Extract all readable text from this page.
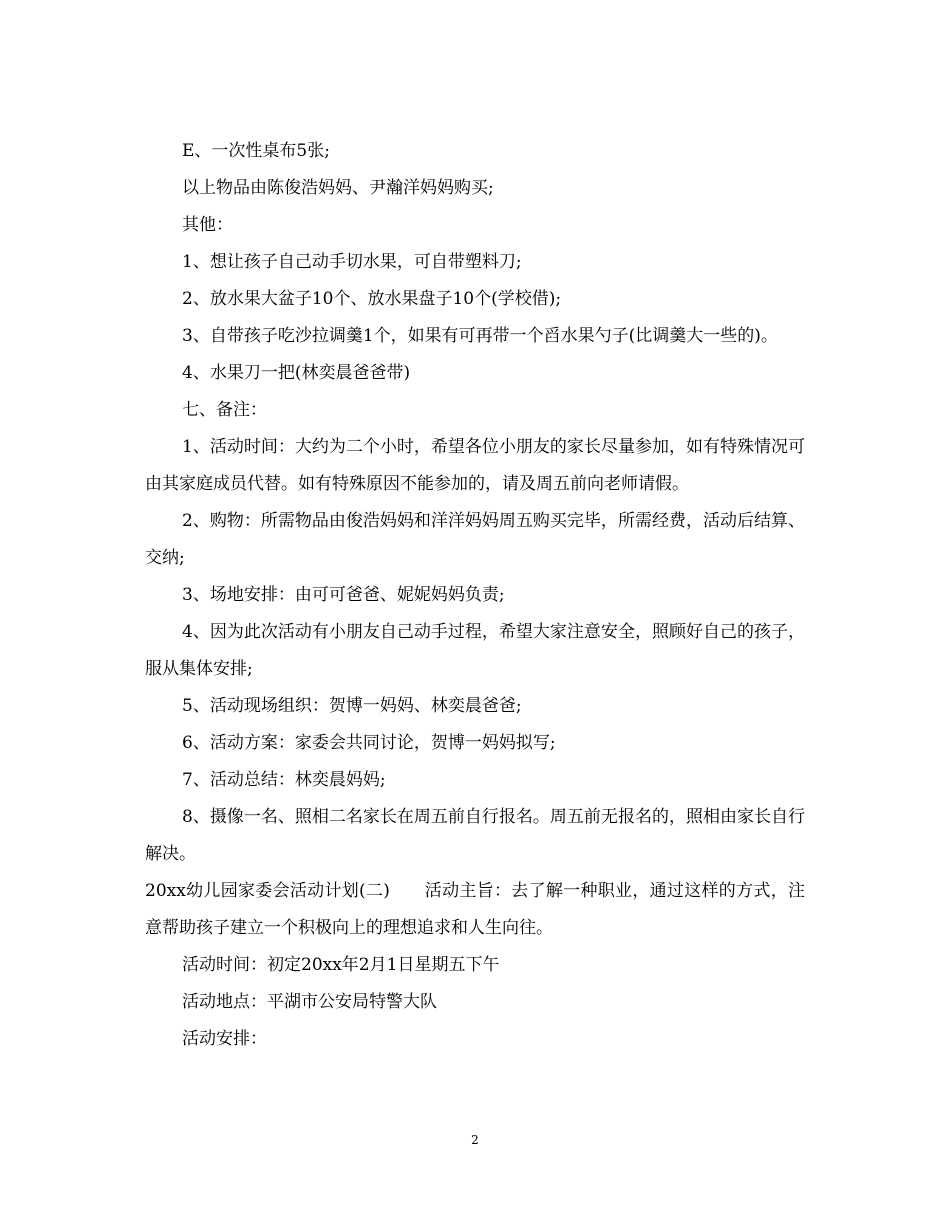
E、一次性桌布5张;

以上物品由陈俊浩妈妈、尹瀚洋妈妈购买;

其他：

1、想让孩子自己动手切水果，可自带塑料刀;

2、放水果大盆子10个、放水果盘子10个(学校借);

3、自带孩子吃沙拉调羹1个，如果有可再带一个舀水果勺子(比调羹大一些的)。

4、水果刀一把(林奕晨爸爸带)

七、备注：

1、活动时间：大约为二个小时，希望各位小朋友的家长尽量参加，如有特殊情况可由其家庭成员代替。如有特殊原因不能参加的，请及周五前向老师请假。

2、购物：所需物品由俊浩妈妈和洋洋妈妈周五购买完毕，所需经费，活动后结算、交纳;

3、场地安排：由可可爸爸、妮妮妈妈负责;

4、因为此次活动有小朋友自己动手过程，希望大家注意安全，照顾好自己的孩子，服从集体安排;

5、活动现场组织：贺博一妈妈、林奕晨爸爸;

6、活动方案：家委会共同讨论，贺博一妈妈拟写;

7、活动总结：林奕晨妈妈;

8、摄像一名、照相二名家长在周五前自行报名。周五前无报名的，照相由家长自行解决。

20xx幼儿园家委会活动计划(二)　　活动主旨：去了解一种职业，通过这样的方式，注意帮助孩子建立一个积极向上的理想追求和人生向往。

活动时间：初定20xx年2月1日星期五下午

活动地点：平湖市公安局特警大队

活动安排：

2
